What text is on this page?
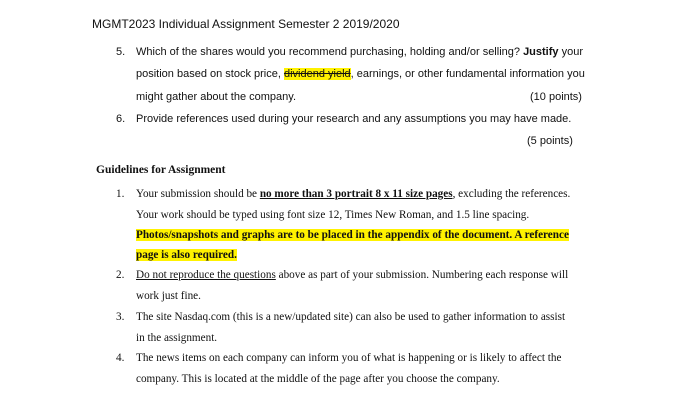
MGMT2023 Individual Assignment Semester 2 2019/2020
5. Which of the shares would you recommend purchasing, holding and/or selling? Justify your
position based on stock price, dividend yield, earnings, or other fundamental information you
might gather about the company.	(10 points)
6. Provide references used during your research and any assumptions you may have made.
(5 points)
Guidelines for Assignment
1. Your submission should be no more than 3 portrait 8 x 11 size pages, excluding the references.
Your work should be typed using font size 12, Times New Roman, and 1.5 line spacing.
Photos/snapshots and graphs are to be placed in the appendix of the document. A reference
page is also required.
2. Do not reproduce the questions above as part of your submission. Numbering each response will
work just fine.
3. The site Nasdaq.com (this is a new/updated site) can also be used to gather information to assist
in the assignment.
4. The news items on each company can inform you of what is happening or is likely to affect the
company. This is located at the middle of the page after you choose the company.
